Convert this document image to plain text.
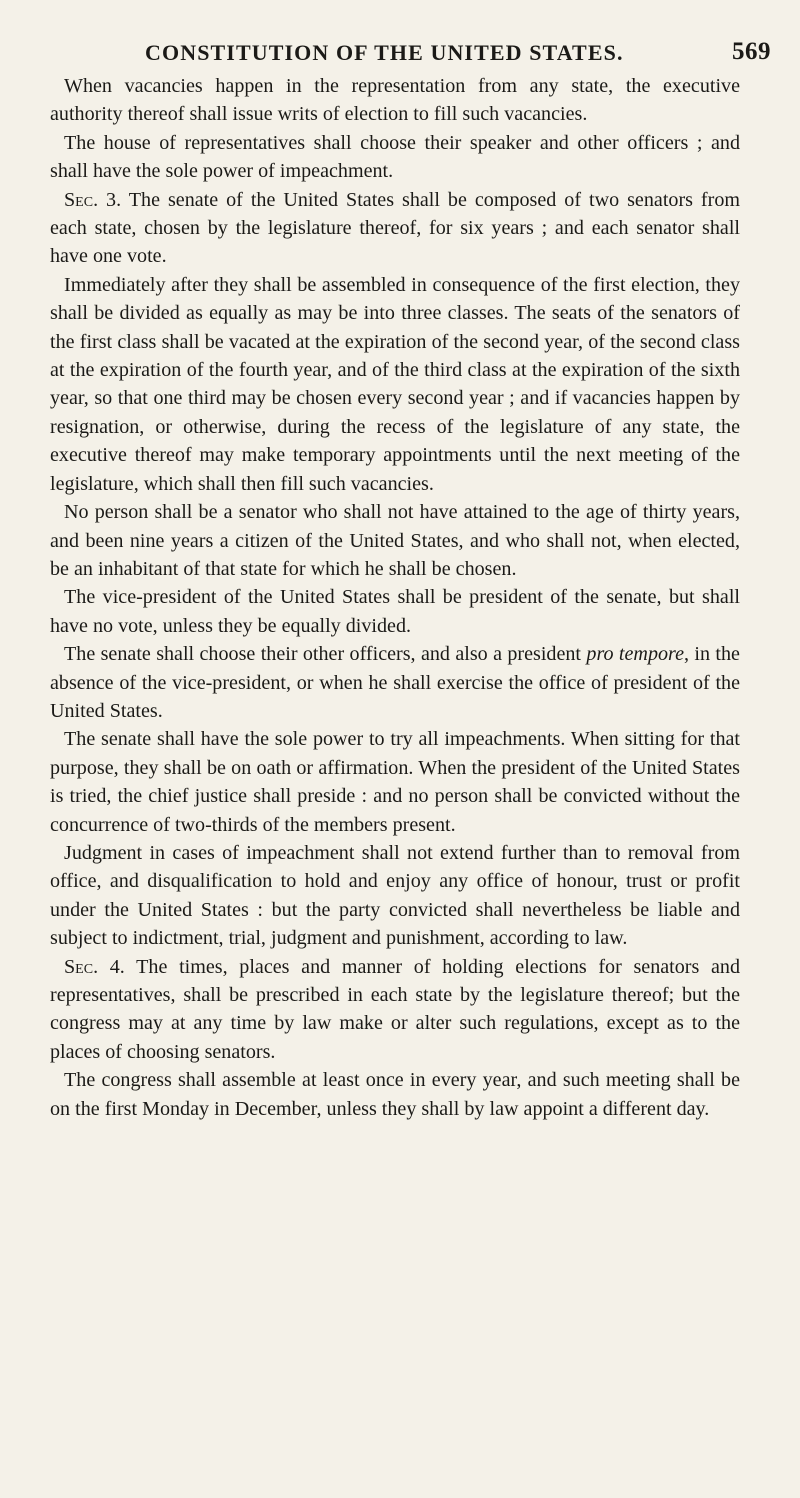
CONSTITUTION OF THE UNITED STATES.	569

When vacancies happen in the representation from any state, the executive authority thereof shall issue writs of election to fill such vacancies.

The house of representatives shall choose their speaker and other officers ; and shall have the sole power of impeachment.

Sec. 3. The senate of the United States shall be composed of two senators from each state, chosen by the legislature thereof, for six years ; and each senator shall have one vote.

Immediately after they shall be assembled in consequence of the first election, they shall be divided as equally as may be into three classes. The seats of the senators of the first class shall be vacated at the expiration of the second year, of the second class at the expiration of the fourth year, and of the third class at the expiration of the sixth year, so that one third may be chosen every second year ; and if vacancies happen by resignation, or otherwise, during the recess of the legislature of any state, the executive thereof may make temporary appointments until the next meeting of the legislature, which shall then fill such vacancies.

No person shall be a senator who shall not have attained to the age of thirty years, and been nine years a citizen of the United States, and who shall not, when elected, be an inhabitant of that state for which he shall be chosen.

The vice-president of the United States shall be president of the senate, but shall have no vote, unless they be equally divided.

The senate shall choose their other officers, and also a president pro tempore, in the absence of the vice-president, or when he shall exercise the office of president of the United States.

The senate shall have the sole power to try all impeachments. When sitting for that purpose, they shall be on oath or affirmation. When the president of the United States is tried, the chief justice shall preside : and no person shall be convicted without the concurrence of two-thirds of the members present.

Judgment in cases of impeachment shall not extend further than to removal from office, and disqualification to hold and enjoy any office of honour, trust or profit under the United States : but the party convicted shall nevertheless be liable and subject to indictment, trial, judgment and punishment, according to law.

Sec. 4. The times, places and manner of holding elections for senators and representatives, shall be prescribed in each state by the legislature thereof; but the congress may at any time by law make or alter such regulations, except as to the places of choosing senators.

The congress shall assemble at least once in every year, and such meeting shall be on the first Monday in December, unless they shall by law appoint a different day.
